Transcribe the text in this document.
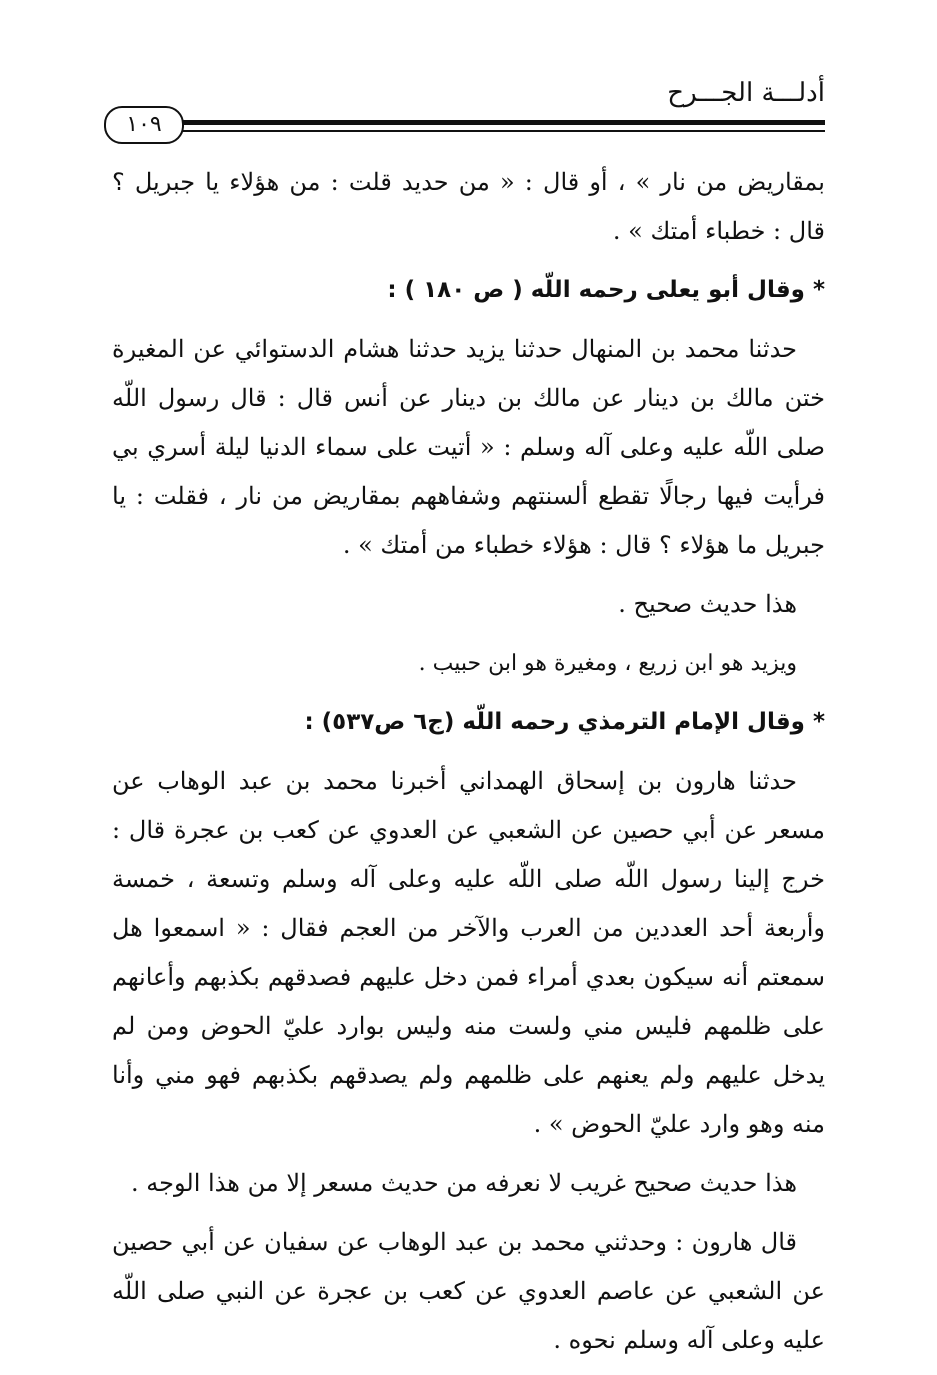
أدلـــة الجـــرح
١٠٩

بمقاريض من نار » ، أو قال : « من حديد قلت : من هؤلاء يا جبريل ؟ قال : خطباء أمتك » .

* وقال أبو يعلى رحمه اللّه ( ص ١٨٠ ) :

حدثنا محمد بن المنهال حدثنا يزيد حدثنا هشام الدستوائي عن المغيرة ختن مالك بن دينار عن مالك بن دينار عن أنس قال : قال رسول اللّه صلى اللّه عليه وعلى آله وسلم : « أتيت على سماء الدنيا ليلة أسري بي فرأيت فيها رجالًا تقطع ألسنتهم وشفاههم بمقاريض من نار ، فقلت : يا جبريل ما هؤلاء ؟ قال : هؤلاء خطباء من أمتك » .

هذا حديث صحيح .

ويزيد هو ابن زريع ، ومغيرة هو ابن حبيب .

* وقال الإمام الترمذي رحمه اللّه (ج٦ ص٥٣٧) :

حدثنا هارون بن إسحاق الهمداني أخبرنا محمد بن عبد الوهاب عن مسعر عن أبي حصين عن الشعبي عن العدوي عن كعب بن عجرة قال : خرج إلينا رسول اللّه صلى اللّه عليه وعلى آله وسلم وتسعة ، خمسة وأربعة أحد العددين من العرب والآخر من العجم فقال : « اسمعوا هل سمعتم أنه سيكون بعدي أمراء فمن دخل عليهم فصدقهم بكذبهم وأعانهم على ظلمهم فليس مني ولست منه وليس بوارد عليّ الحوض ومن لم يدخل عليهم ولم يعنهم على ظلمهم ولم يصدقهم بكذبهم فهو مني وأنا منه وهو وارد عليّ الحوض » .

هذا حديث صحيح غريب لا نعرفه من حديث مسعر إلا من هذا الوجه .

قال هارون : وحدثني محمد بن عبد الوهاب عن سفيان عن أبي حصين عن الشعبي عن عاصم العدوي عن كعب بن عجرة عن النبي صلى اللّه عليه وعلى آله وسلم نحوه .
